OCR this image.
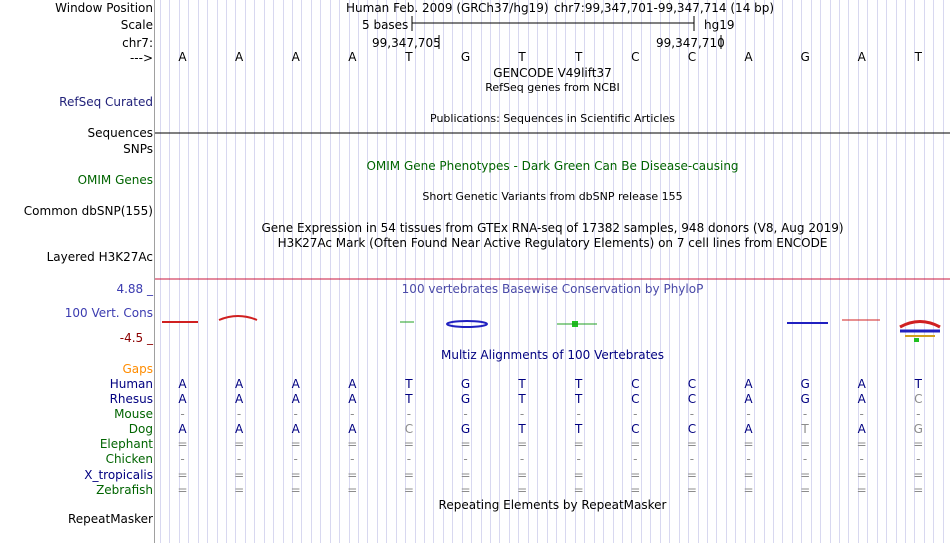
Window Position	Human Feb. 2009 (GRCh37/hg19) chr7:99,347,701-99,347,714 (14 bp)
Scale	5 bases	hg19
chr7:	99,347,705	99,347,710
--->	A	A	A	A	T	G	T	T	C	C	A	G	A	T
GENCODE V49lift37
RefSeq genes from NCBI
RefSeq Curated
Publications: Sequences in Scientific Articles
Sequences
SNPs
OMIM Gene Phenotypes - Dark Green Can Be Disease-causing
OMIM Genes
Short Genetic Variants from dbSNP release 155
Common dbSNP(155)
Gene Expression in 54 tissues from GTEx RNA-seq of 17382 samples, 948 donors (V8, Aug 2019)
H3K27Ac Mark (Often Found Near Active Regulatory Elements) on 7 cell lines from ENCODE
Layered H3K27Ac
4.88 _	100 vertebrates Basewise Conservation by PhyloP
100 Vert. Cons
-4.5 _
Multiz Alignments of 100 Vertebrates
Gaps
Human	A	A	A	A	T	G	T	T	C	C	A	G	A	T
Rhesus	A	A	A	A	T	G	T	T	C	C	A	G	A	C
Mouse	-	-	-	-	-	-	-	-	-	-	-	-	-	-
Dog	A	A	A	A	C	G	T	T	C	C	A	T	A	G
Elephant	=	=	=	=	=	=	=	=	=	=	=	=	=	=
Chicken	-	-	-	-	-	-	-	-	-	-	-	-	-	-
X_tropicalis	=	=	=	=	=	=	=	=	=	=	=	=	=	=
Zebrafish	=	=	=	=	=	=	=	=	=	=	=	=	=	=
Repeating Elements by RepeatMasker
RepeatMasker
